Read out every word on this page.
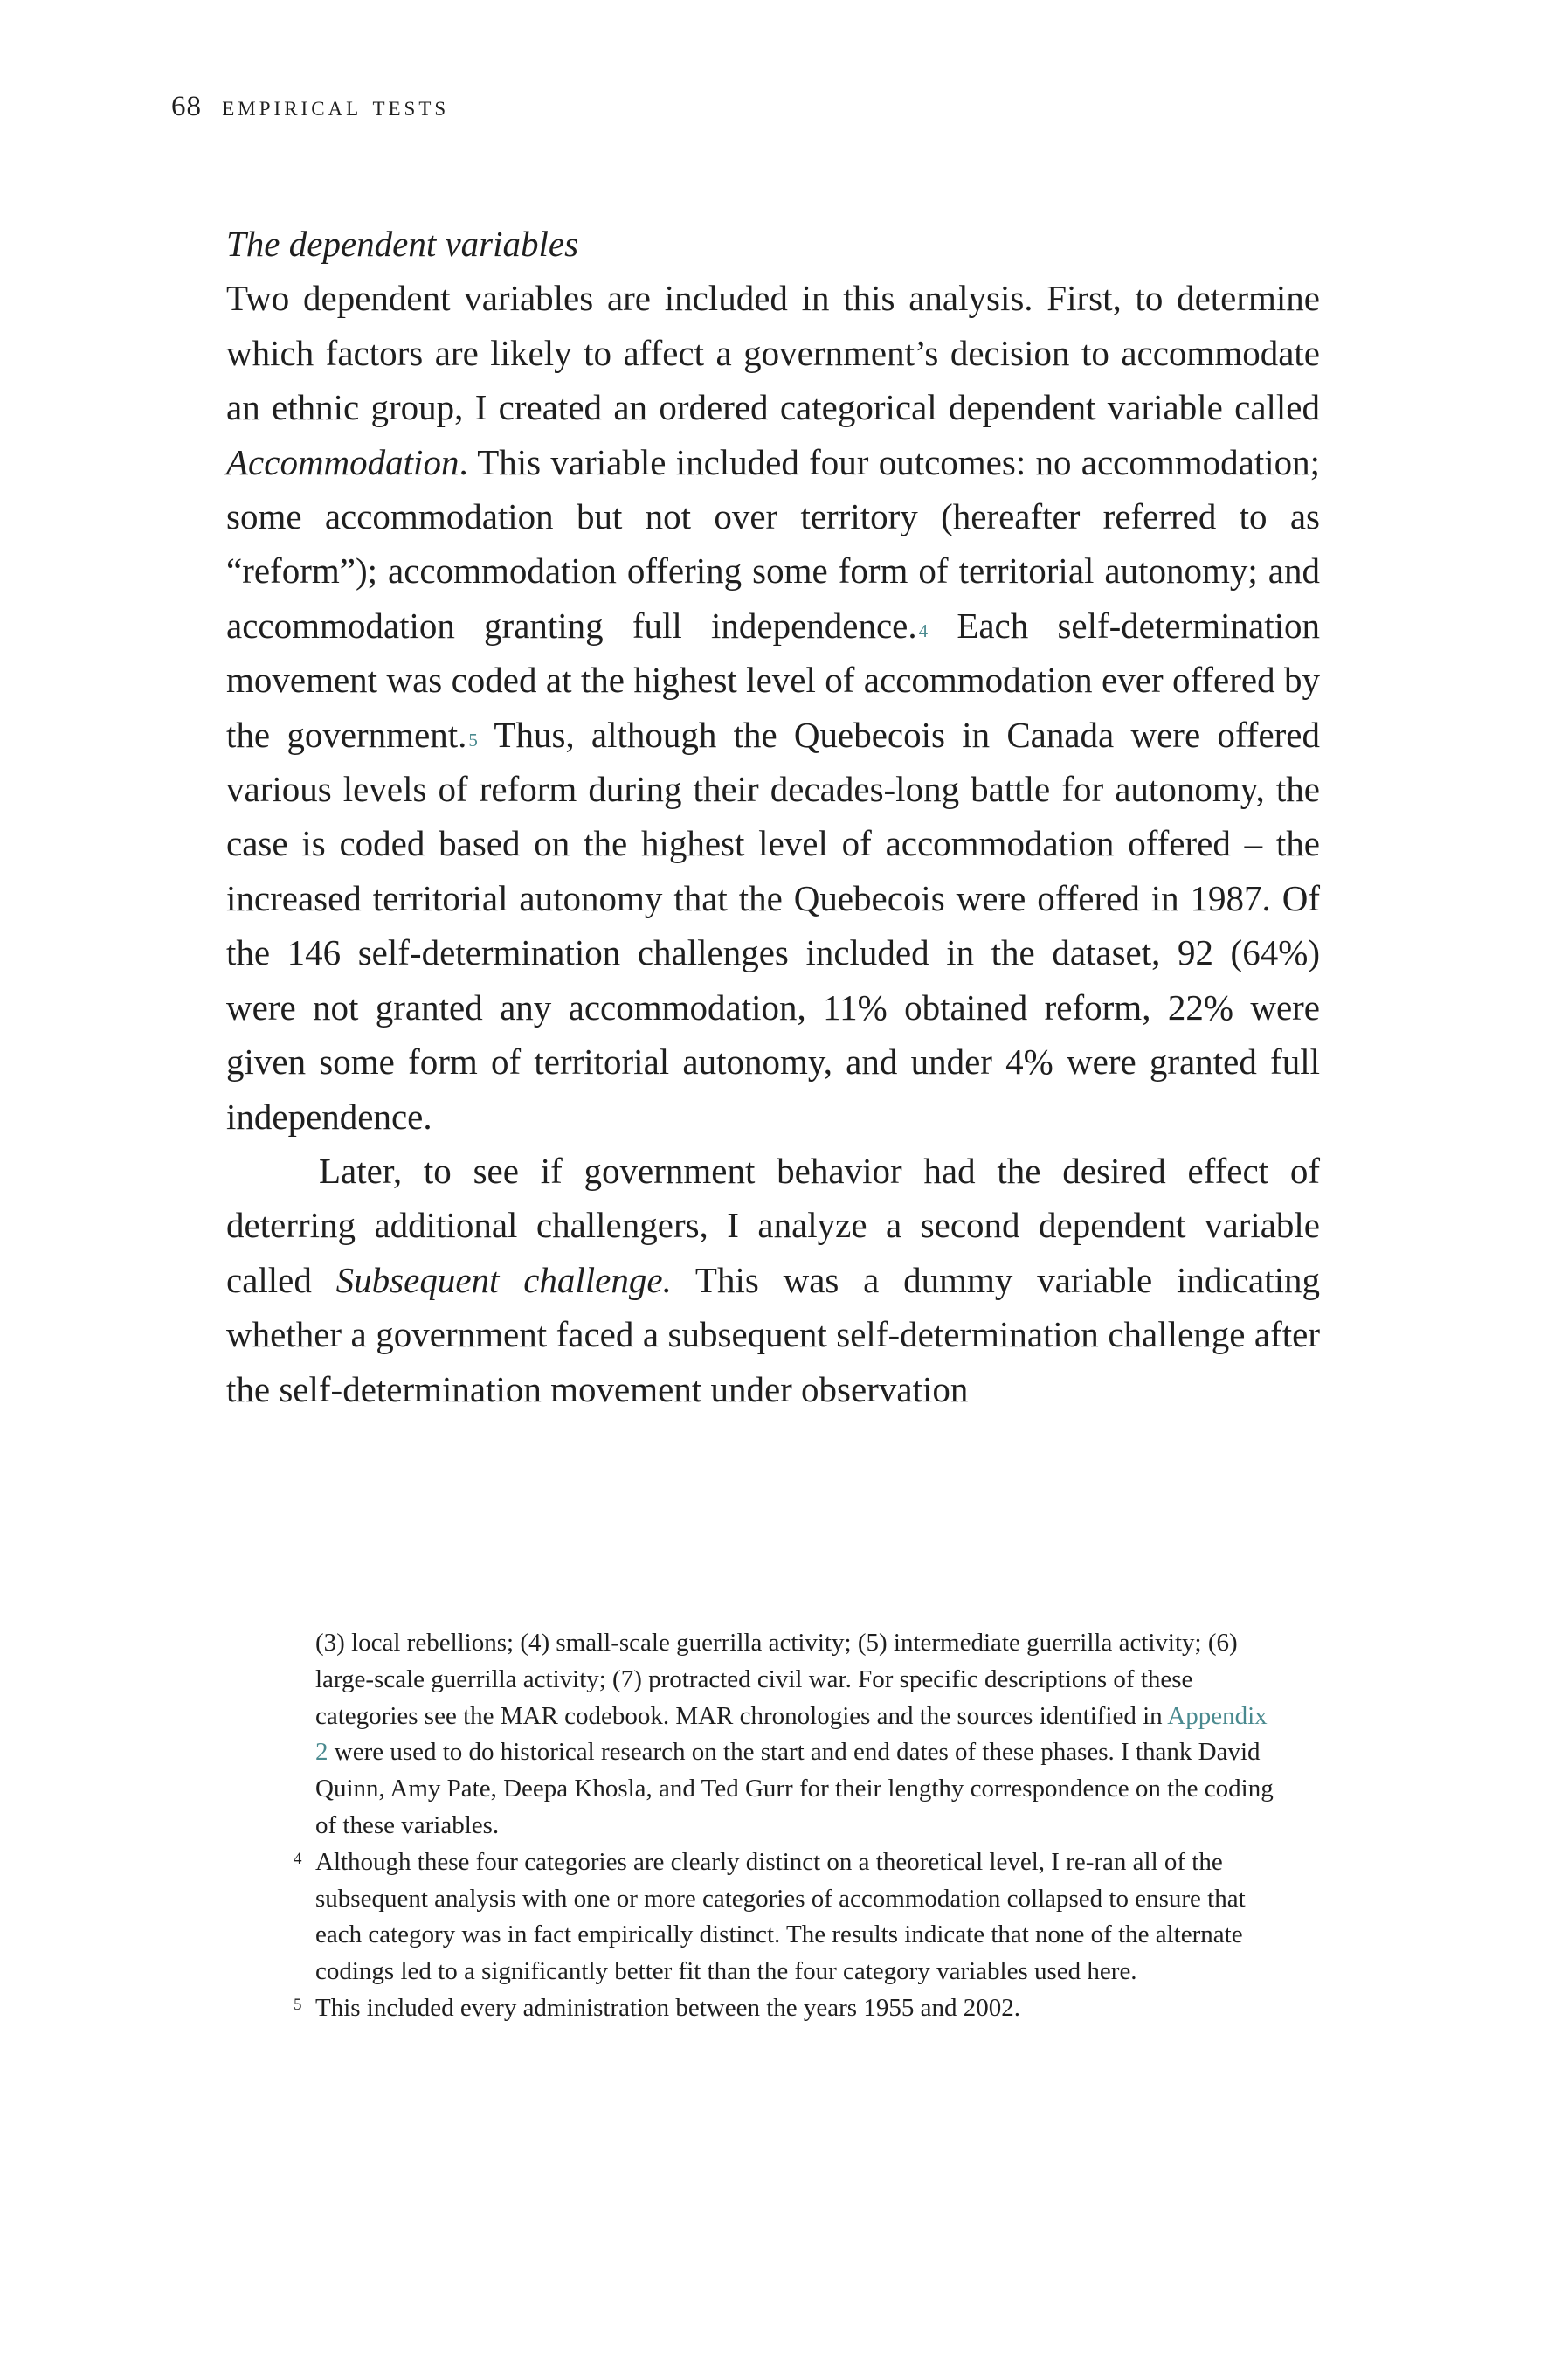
68 empirical tests

The dependent variables

Two dependent variables are included in this analysis. First, to determine which factors are likely to affect a government’s decision to accommodate an ethnic group, I created an ordered categorical dependent variable called Accommodation. This variable included four outcomes: no accommodation; some accommodation but not over territory (hereafter referred to as “reform”); accommodation offering some form of territorial autonomy; and accommodation granting full independence.$^4$ Each self-determination movement was coded at the highest level of accommodation ever offered by the government.$^5$ Thus, although the Quebecois in Canada were offered various levels of reform during their decades-long battle for autonomy, the case is coded based on the highest level of accommodation offered – the increased territorial autonomy that the Quebecois were offered in 1987. Of the 146 self-determination challenges included in the dataset, 92 (64%) were not granted any accommodation, 11% obtained reform, 22% were given some form of territorial autonomy, and under 4% were granted full independence.

Later, to see if government behavior had the desired effect of deterring additional challengers, I analyze a second dependent variable called Subsequent challenge. This was a dummy variable indicating whether a government faced a subsequent self-determination challenge after the self-determination movement under observation

(3) local rebellions; (4) small-scale guerrilla activity; (5) intermediate guerrilla activity; (6) large-scale guerrilla activity; (7) protracted civil war. For specific descriptions of these categories see the MAR codebook. MAR chronologies and the sources identified in Appendix 2 were used to do historical research on the start and end dates of these phases. I thank David Quinn, Amy Pate, Deepa Khosla, and Ted Gurr for their lengthy correspondence on the coding of these variables.

4 Although these four categories are clearly distinct on a theoretical level, I re-ran all of the subsequent analysis with one or more categories of accommodation collapsed to ensure that each category was in fact empirically distinct. The results indicate that none of the alternate codings led to a significantly better fit than the four category variables used here.

5 This included every administration between the years 1955 and 2002.
